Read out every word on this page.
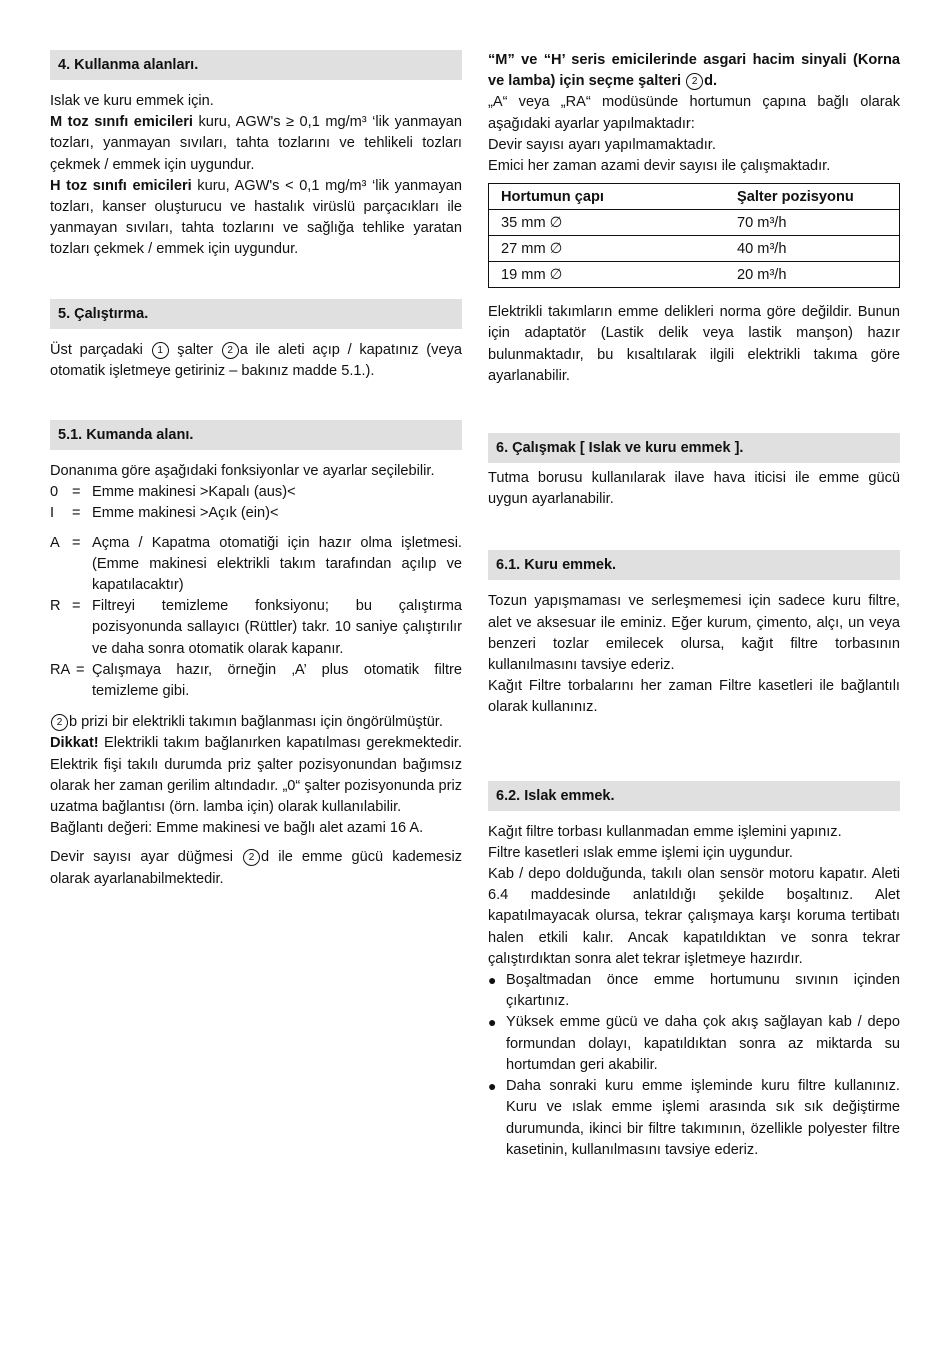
4. Kullanma alanları.

Islak ve kuru emmek için.

M toz sınıfı emicileri kuru, AGW's ≥ 0,1 mg/m³ ‘lik yanmayan tozları, yanmayan sıvıları, tahta tozlarını ve tehlikeli tozları çekmek / emmek için uygundur.

H toz sınıfı emicileri kuru, AGW's < 0,1 mg/m³ ‘lik yanmayan tozları, kanser oluşturucu ve hastalık virüslü parçacıkları ile yanmayan sıvıları, tahta tozlarını ve sağlığa tehlike yaratan tozları çekmek / emmek için uygundur.

5. Çalıştırma.

Üst parçadaki 1 şalter 2 a ile aleti açıp / kapatınız (veya otomatik işletmeye getiriniz – bakınız madde 5.1.).

5.1. Kumanda alanı.

Donanıma göre aşağıdaki fonksiyonlar ve ayarlar seçilebilir.

0 = Emme makinesi >Kapalı (aus)<
I	= Emme makinesi >Açık (ein)<
A = Açma / Kapatma otomatiği için hazır olma işletmesi. (Emme makinesi elektrikli takım tarafından açılıp ve kapatılacaktır)
R = Filtreyi temizleme fonksiyonu; bu çalıştırma pozisyonunda sallayıcı (Rüttler) takr. 10 saniye çalıştırılır ve daha sonra otomatik olarak kapanır.
RA = Çalışmaya hazır, örneğin ‚A’ plus otomatik filtre temizleme gibi.

2 b prizi bir elektrikli takımın bağlanması için öngörülmüştür.

Dikkat! Elektrikli takım bağlanırken kapatılması gerekmektedir. Elektrik fişi takılı durumda priz şalter pozisyonundan bağımsız olarak her zaman gerilim altındadır. „0“ şalter pozisyonunda priz uzatma bağlantısı (örn. lamba için) olarak kullanılabilir.

Bağlantı değeri: Emme makinesi ve bağlı alet azami 16 A.

Devir sayısı ayar düğmesi 2 d ile emme gücü kademesiz olarak ayarlanabilmektedir.

“M” ve “H’ seris emicilerinde asgari hacim sinyali (Korna ve lamba) için seçme şalteri 2 d.

„A“ veya „RA“ modüsünde hortumun çapına bağlı olarak aşağıdaki ayarlar yapılmaktadır:

Devir sayısı ayarı yapılmamaktadır.

Emici her zaman azami devir sayısı ile çalışmaktadır.

Hortumun çapı	Şalter pozisyonu
35 mm ∅	70 m³/h
27 mm ∅	40 m³/h
19 mm ∅	20 m³/h

Elektrikli takımların emme delikleri norma göre değildir. Bunun için adaptatör (Lastik delik veya lastik manşon) hazır bulunmaktadır, bu kısaltılarak ilgili elektrikli takıma göre ayarlanabilir.

6. Çalışmak [ Islak ve kuru emmek ].

Tutma borusu kullanılarak ilave hava iticisi ile emme gücü uygun ayarlanabilir.

6.1. Kuru emmek.

Tozun yapışmaması ve serleşmemesi için sadece kuru filtre, alet ve aksesuar ile eminiz. Eğer kurum, çimento, alçı, un veya benzeri tozlar emilecek olursa, kağıt filtre torbasının kullanılmasını tavsiye ederiz.

Kağıt Filtre torbalarını her zaman Filtre kasetleri ile bağlantılı olarak kullanınız.

6.2. Islak emmek.

Kağıt filtre torbası kullanmadan emme işlemini yapınız.

Filtre kasetleri ıslak emme işlemi için uygundur.

Kab / depo dolduğunda, takılı olan sensör motoru kapatır. Aleti 6.4 maddesinde anlatıldığı şekilde boşaltınız. Alet kapatılmayacak olursa, tekrar çalışmaya karşı koruma tertibatı halen etkili kalır. Ancak kapatıldıktan ve sonra tekrar çalıştırdıktan sonra alet tekrar işletmeye hazırdır.

● Boşaltmadan önce emme hortumunu sıvının içinden çıkartınız.
● Yüksek emme gücü ve daha çok akış sağlayan kab / depo formundan dolayı, kapatıldıktan sonra az miktarda su hortumdan geri akabilir.
● Daha sonraki kuru emme işleminde kuru filtre kullanınız. Kuru ve ıslak emme işlemi arasında sık sık değiştirme durumunda, ikinci bir filtre takımının, özellikle polyester filtre kasetinin, kullanılmasını tavsiye ederiz.
